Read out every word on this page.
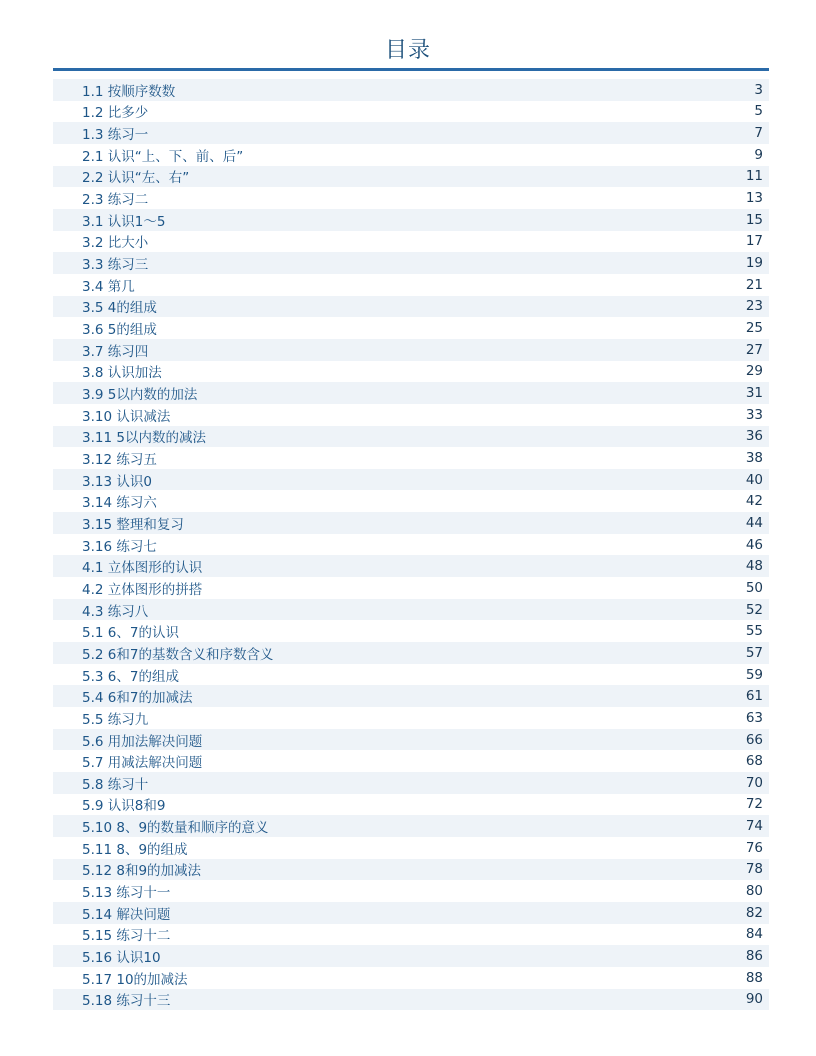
目录
1.1 按顺序数数	3
1.2 比多少	5
1.3 练习一	7
2.1 认识“上、下、前、后”	9
2.2 认识“左、右”	11
2.3 练习二	13
3.1 认识1～5	15
3.2 比大小	17
3.3 练习三	19
3.4 第几	21
3.5 4的组成	23
3.6 5的组成	25
3.7 练习四	27
3.8 认识加法	29
3.9 5以内数的加法	31
3.10 认识减法	33
3.11 5以内数的减法	36
3.12 练习五	38
3.13 认识0	40
3.14 练习六	42
3.15 整理和复习	44
3.16 练习七	46
4.1 立体图形的认识	48
4.2 立体图形的拼搭	50
4.3 练习八	52
5.1 6、7的认识	55
5.2 6和7的基数含义和序数含义	57
5.3 6、7的组成	59
5.4 6和7的加减法	61
5.5 练习九	63
5.6 用加法解决问题	66
5.7 用减法解决问题	68
5.8 练习十	70
5.9 认识8和9	72
5.10 8、9的数量和顺序的意义	74
5.11 8、9的组成	76
5.12 8和9的加减法	78
5.13 练习十一	80
5.14 解决问题	82
5.15 练习十二	84
5.16 认识10	86
5.17 10的加减法	88
5.18 练习十三	90
